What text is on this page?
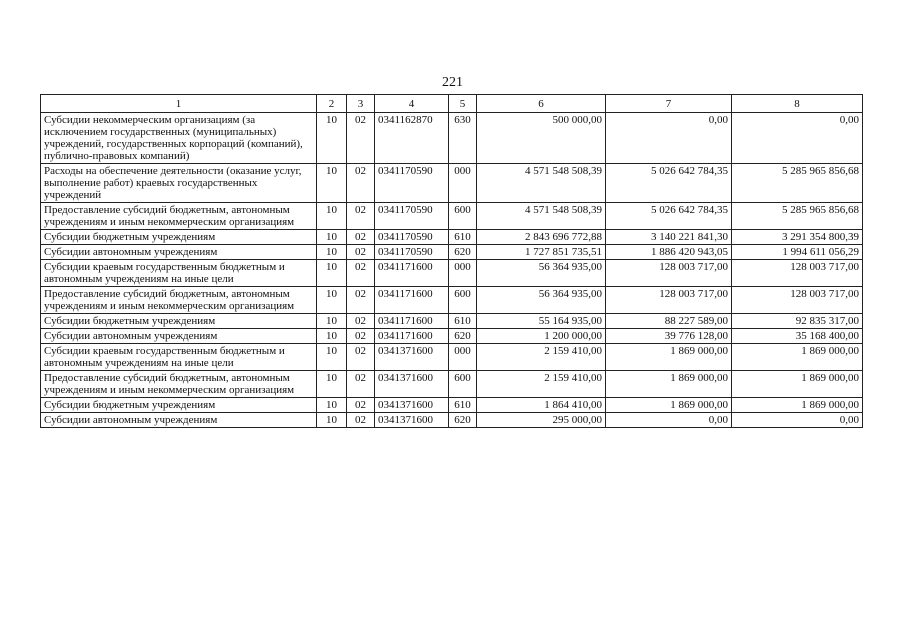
221
1	2	3	4	5	6	7	8
Субсидии некоммерческим организациям (за исключением государственных (муниципальных) учреждений, государственных корпораций (компаний), публично-правовых компаний)	10	02	0341162870	630	500 000,00	0,00	0,00
Расходы на обеспечение деятельности (оказание услуг, выполнение работ) краевых государственных учреждений	10	02	0341170590	000	4 571 548 508,39	5 026 642 784,35	5 285 965 856,68
Предоставление субсидий бюджетным, автономным учреждениям и иным некоммерческим организациям	10	02	0341170590	600	4 571 548 508,39	5 026 642 784,35	5 285 965 856,68
Субсидии бюджетным учреждениям	10	02	0341170590	610	2 843 696 772,88	3 140 221 841,30	3 291 354 800,39
Субсидии автономным учреждениям	10	02	0341170590	620	1 727 851 735,51	1 886 420 943,05	1 994 611 056,29
Субсидии краевым государственным бюджетным и автономным учреждениям на иные цели	10	02	0341171600	000	56 364 935,00	128 003 717,00	128 003 717,00
Предоставление субсидий бюджетным, автономным учреждениям и иным некоммерческим организациям	10	02	0341171600	600	56 364 935,00	128 003 717,00	128 003 717,00
Субсидии бюджетным учреждениям	10	02	0341171600	610	55 164 935,00	88 227 589,00	92 835 317,00
Субсидии автономным учреждениям	10	02	0341171600	620	1 200 000,00	39 776 128,00	35 168 400,00
Субсидии краевым государственным бюджетным и автономным учреждениям на иные цели	10	02	0341371600	000	2 159 410,00	1 869 000,00	1 869 000,00
Предоставление субсидий бюджетным, автономным учреждениям и иным некоммерческим организациям	10	02	0341371600	600	2 159 410,00	1 869 000,00	1 869 000,00
Субсидии бюджетным учреждениям	10	02	0341371600	610	1 864 410,00	1 869 000,00	1 869 000,00
Субсидии автономным учреждениям	10	02	0341371600	620	295 000,00	0,00	0,00
